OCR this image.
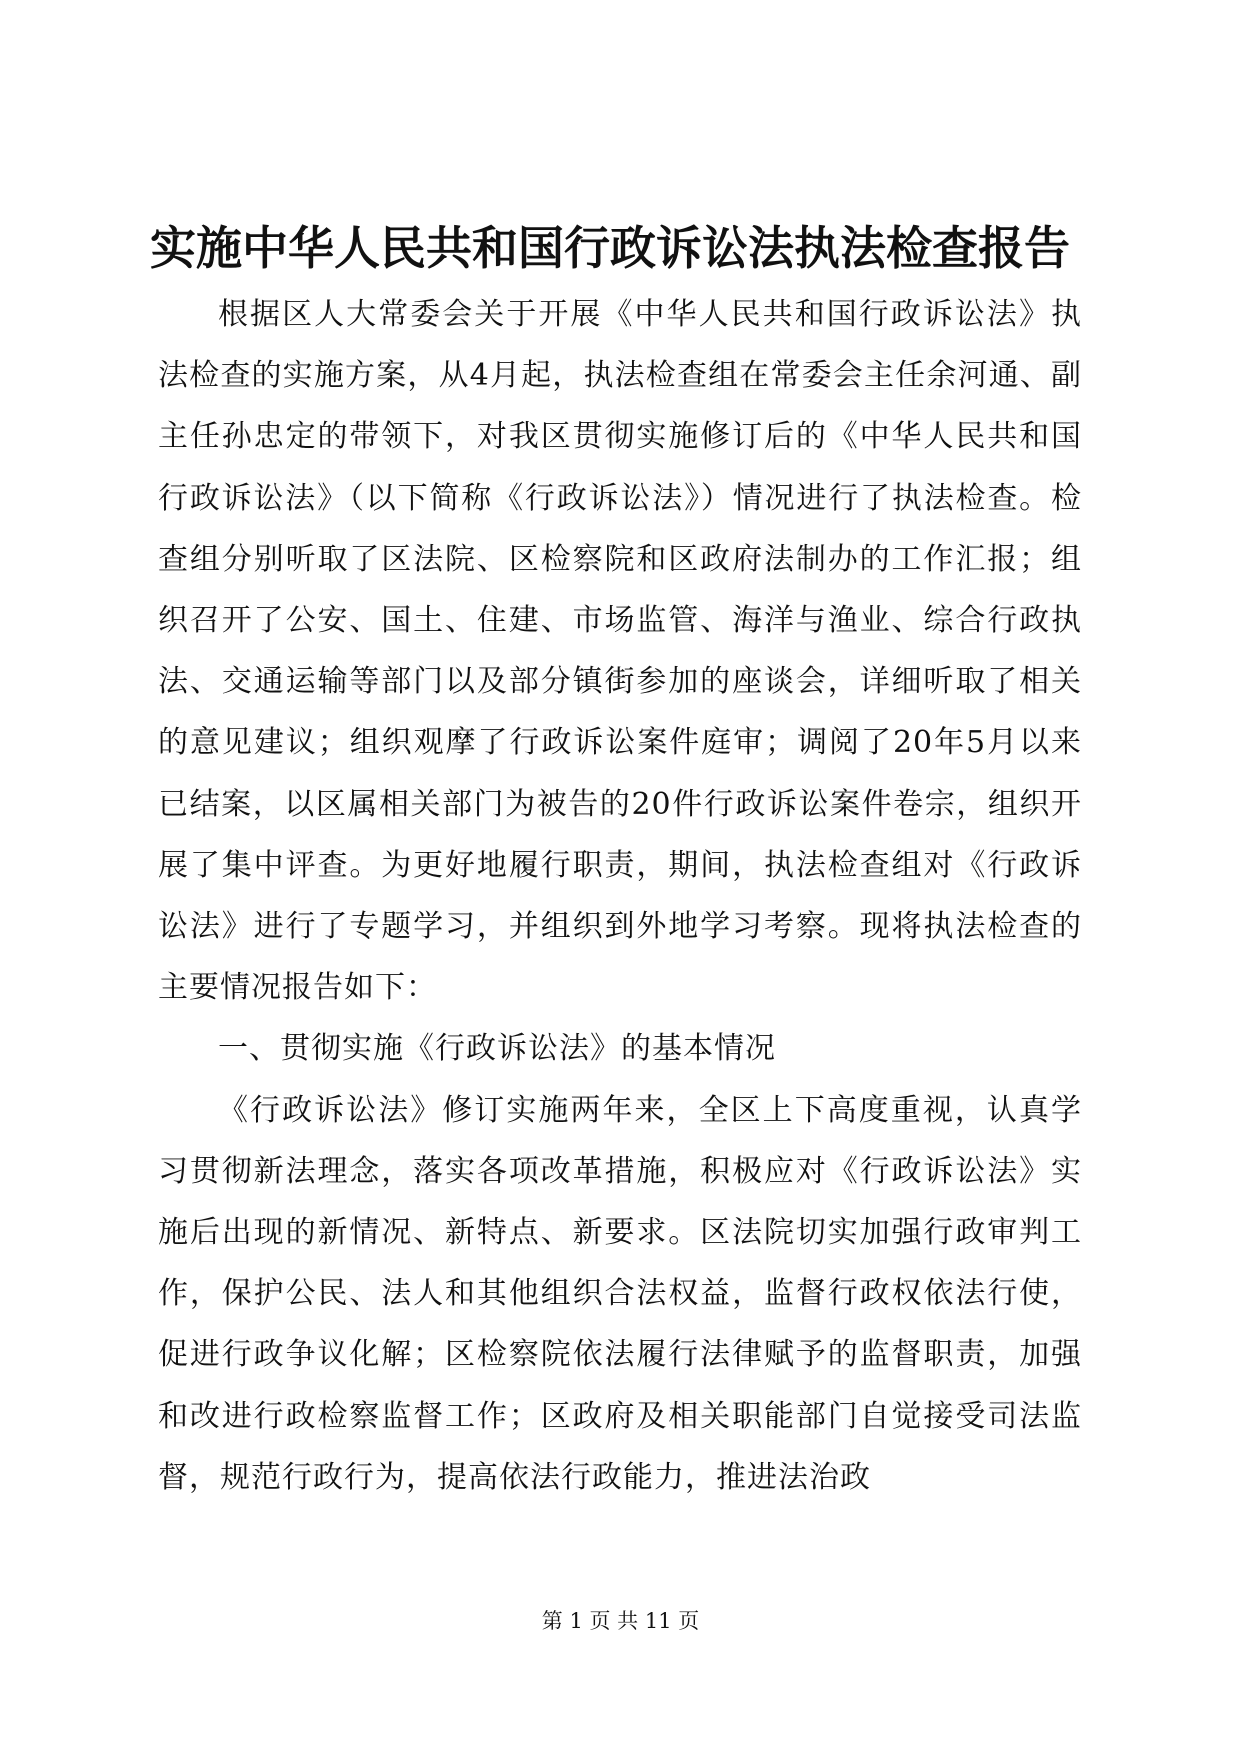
实施中华人民共和国行政诉讼法执法检查报告

根据区人大常委会关于开展《中华人民共和国行政诉讼法》执法检查的实施方案，从4月起，执法检查组在常委会主任余河通、副主任孙忠定的带领下，对我区贯彻实施修订后的《中华人民共和国行政诉讼法》（以下简称《行政诉讼法》）情况进行了执法检查。检查组分别听取了区法院、区检察院和区政府法制办的工作汇报；组织召开了公安、国土、住建、市场监管、海洋与渔业、综合行政执法、交通运输等部门以及部分镇街参加的座谈会，详细听取了相关的意见建议；组织观摩了行政诉讼案件庭审；调阅了20年5月以来已结案，以区属相关部门为被告的20件行政诉讼案件卷宗，组织开展了集中评查。为更好地履行职责，期间，执法检查组对《行政诉讼法》进行了专题学习，并组织到外地学习考察。现将执法检查的主要情况报告如下：

一、贯彻实施《行政诉讼法》的基本情况

《行政诉讼法》修订实施两年来，全区上下高度重视，认真学习贯彻新法理念，落实各项改革措施，积极应对《行政诉讼法》实施后出现的新情况、新特点、新要求。区法院切实加强行政审判工作，保护公民、法人和其他组织合法权益，监督行政权依法行使，促进行政争议化解；区检察院依法履行法律赋予的监督职责，加强和改进行政检察监督工作；区政府及相关职能部门自觉接受司法监督，规范行政行为，提高依法行政能力，推进法治政

第 1 页 共 11 页
